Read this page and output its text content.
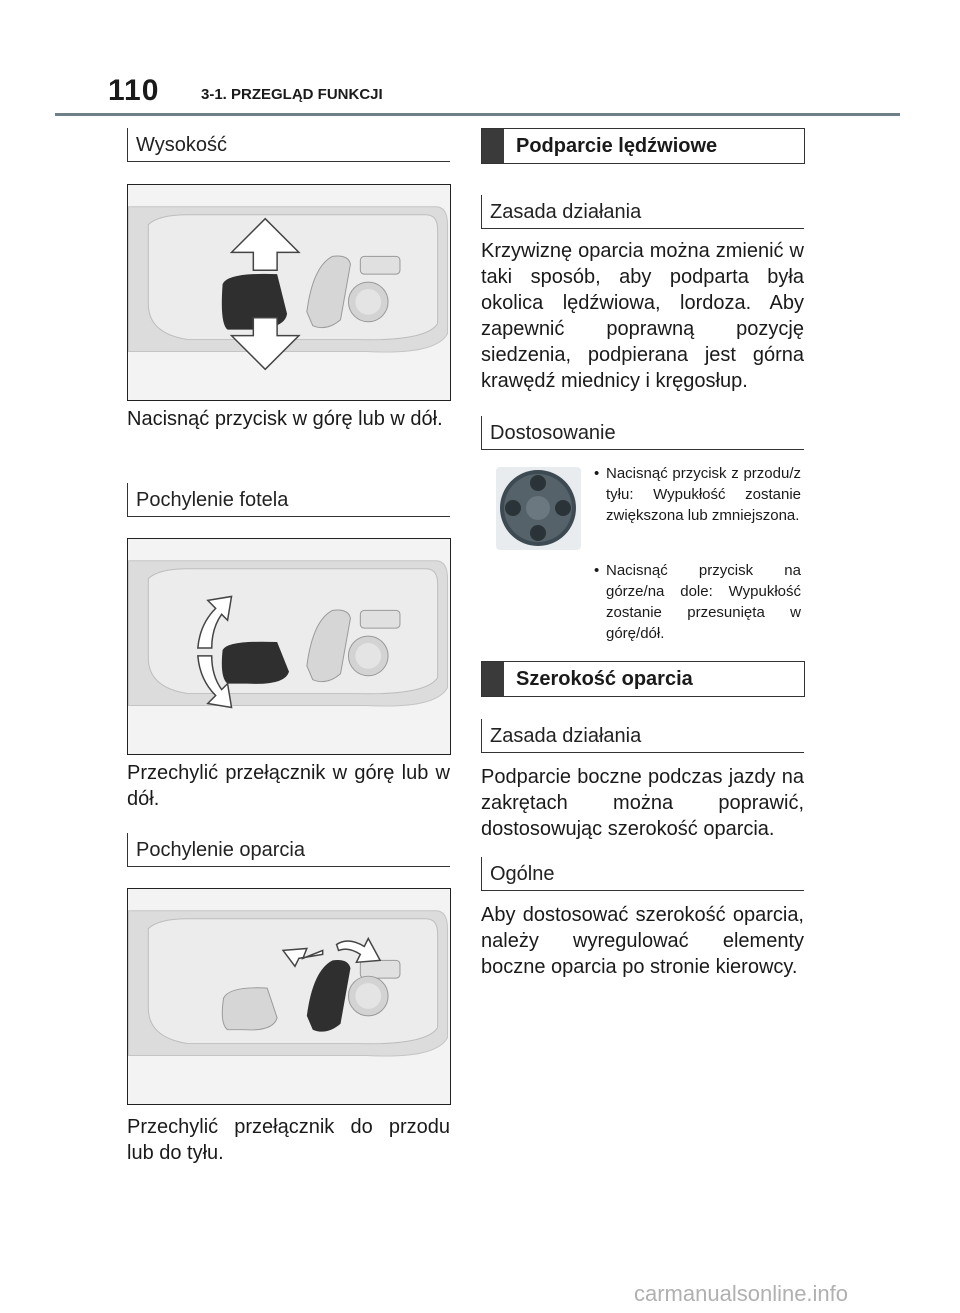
110	3-1. PRZEGLĄD FUNKCJI
Wysokość
Nacisnąć przycisk w górę lub w dół.
Pochylenie fotela
Przechylić przełącznik w górę lub w dół.
Pochylenie oparcia
Przechylić przełącznik do przodu lub do tyłu.
Podparcie lędźwiowe
Zasada działania
Krzywiznę oparcia można zmienić w taki sposób, aby podparta była okolica lędźwiowa, lordoza. Aby zapewnić poprawną pozycję siedzenia, podpierana jest górna krawędź miednicy i kręgosłup.
Dostosowanie
• Nacisnąć przycisk z przodu/z tyłu: Wypukłość zostanie zwiększona lub zmniejszona.
• Nacisnąć przycisk na górze/na dole: Wypukłość zostanie przesunięta w górę/dół.
Szerokość oparcia
Zasada działania
Podparcie boczne podczas jazdy na zakrętach można poprawić, dostosowując szerokość oparcia.
Ogólne
Aby dostosować szerokość oparcia, należy wyregulować elementy boczne oparcia po stronie kierowcy.
carmanualsonline.info
